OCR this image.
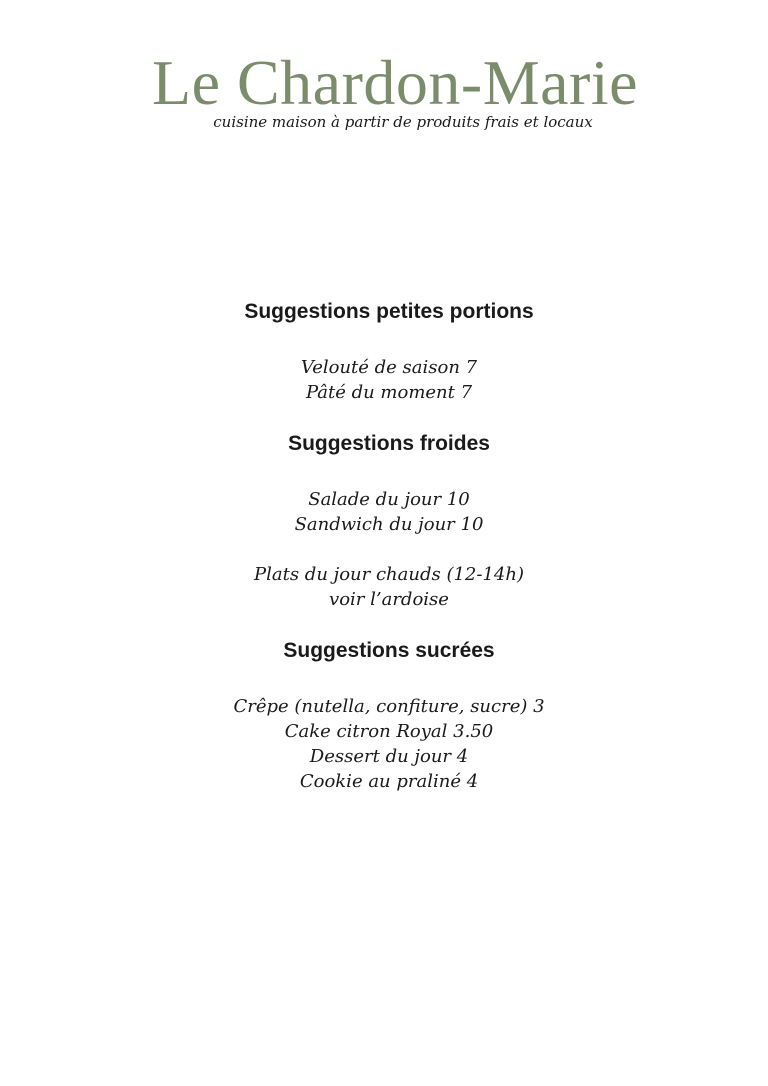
Le Chardon-Marie
cuisine maison à partir de produits frais et locaux
Suggestions petites portions
Velouté de saison 7
Pâté du moment 7
Suggestions froides
Salade du jour 10
Sandwich du jour 10
Plats du jour chauds (12-14h)
voir l’ardoise
Suggestions sucrées
Crêpe (nutella, confiture, sucre) 3
Cake citron Royal 3.50
Dessert du jour 4
Cookie au praliné 4
